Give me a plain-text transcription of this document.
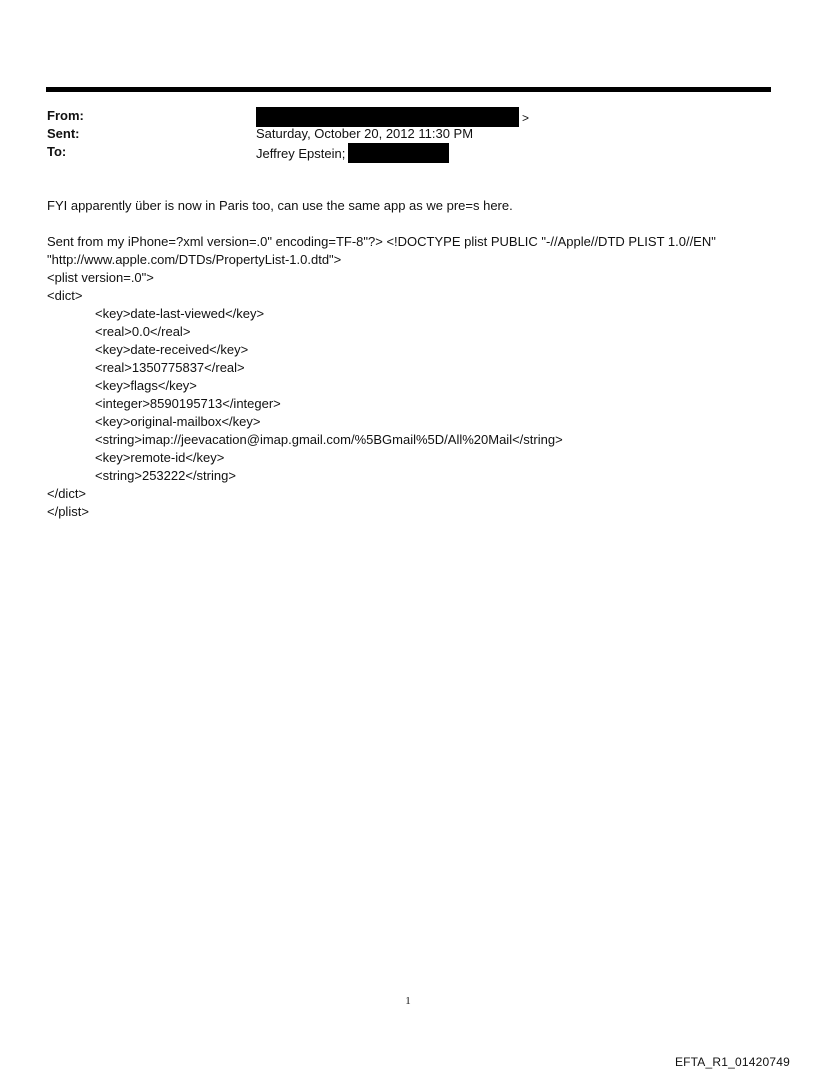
From:	>
Sent:	Saturday, October 20, 2012 11:30 PM
To:	Jeffrey Epstein;

FYI apparently über is now in Paris too, can use the same app as we pre=s here.

Sent from my iPhone=?xml version=.0" encoding=TF-8"?> <!DOCTYPE plist PUBLIC "-//Apple//DTD PLIST 1.0//EN"

"http://www.apple.com/DTDs/PropertyList-1.0.dtd">

<plist version=.0">

<dict>

<key>date-last-viewed</key>

<real>0.0</real>

<key>date-received</key>

<real>1350775837</real>

<key>flags</key>

<integer>8590195713</integer>

<key>original-mailbox</key>

<string>imap://jeevacation@imap.gmail.com/%5BGmail%5D/All%20Mail</string>

<key>remote-id</key>

<string>253222</string>

</dict>

</plist>

1
EFTA_R1_01420749
